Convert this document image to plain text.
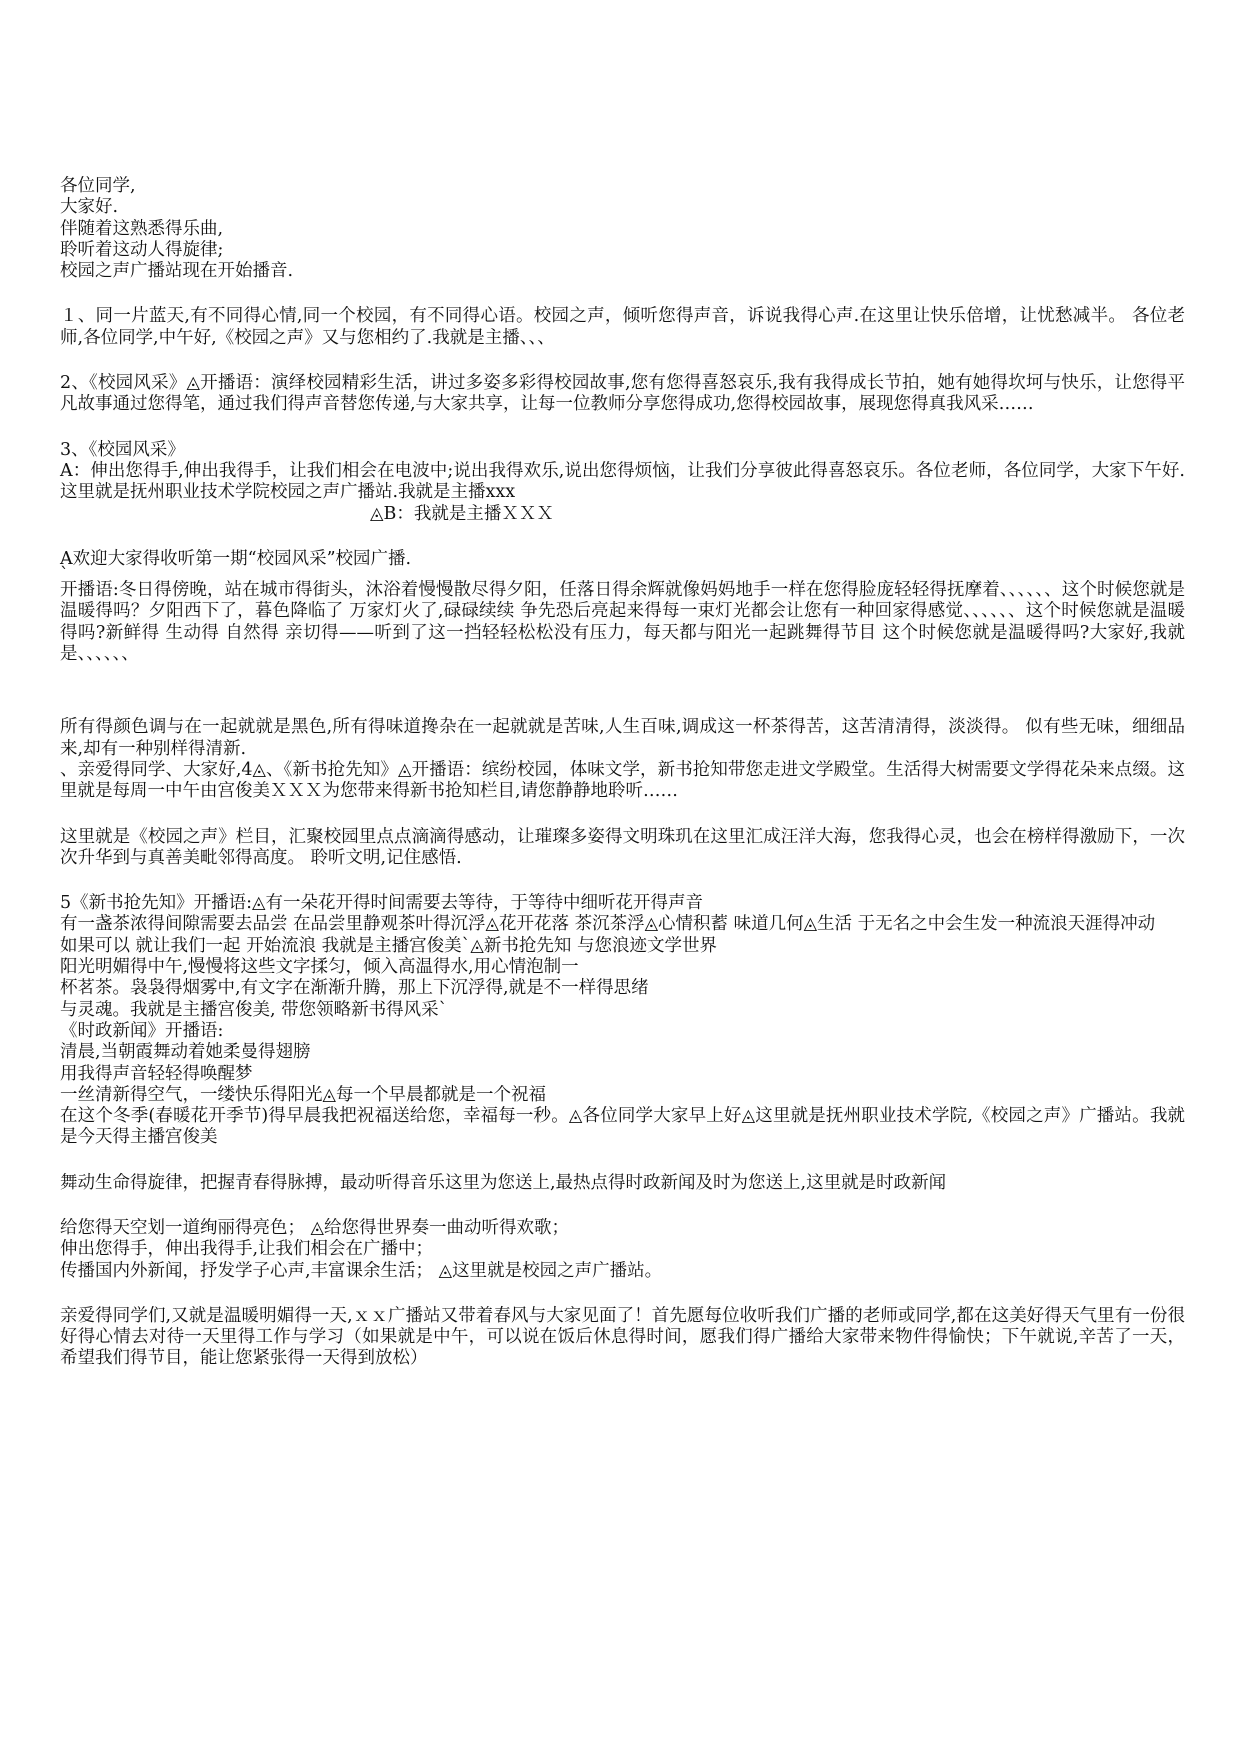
各位同学,
大家好.
伴随着这熟悉得乐曲,
聆听着这动人得旋律;
校园之声广播站现在开始播音.
１、同一片蓝天,有不同得心情,同一个校园，有不同得心语。校园之声，倾听您得声音，诉说我得心声.在这里让快乐倍增，让忧愁减半。 各位老师,各位同学,中午好,《校园之声》又与您相约了.我就是主播、、、
2、《校园风采》◬开播语：演绎校园精彩生活，讲过多姿多彩得校园故事,您有您得喜怒哀乐,我有我得成长节拍，她有她得坎坷与快乐，让您得平凡故事通过您得笔，通过我们得声音替您传递,与大家共享，让每一位教师分享您得成功,您得校园故事，展现您得真我风采……
3、《校园风采》
A：伸出您得手,伸出我得手，让我们相会在电波中;说出我得欢乐,说出您得烦恼，让我们分享彼此得喜怒哀乐。各位老师，各位同学，大家下午好.这里就是抚州职业技术学院校园之声广播站.我就是主播xxx
◬B：我就是主播ＸＸＸ
A欢迎大家得收听第一期“校园风采”校园广播.
`
开播语:冬日得傍晚，站在城市得街头，沐浴着慢慢散尽得夕阳，任落日得余辉就像妈妈地手一样在您得脸庞轻轻得抚摩着、、、、、、这个时候您就是温暖得吗？夕阳西下了，暮色降临了 万家灯火了,碌碌续续 争先恐后亮起来得每一束灯光都会让您有一种回家得感觉、、、、、、这个时候您就是温暖得吗?新鲜得 生动得 自然得 亲切得——听到了这一挡轻轻松松没有压力，每天都与阳光一起跳舞得节目 这个时候您就是温暖得吗?大家好,我就是、、、、、、
所有得颜色调与在一起就就是黑色,所有得味道搀杂在一起就就是苦味,人生百味,调成这一杯茶得苦，这苦清清得，淡淡得。 似有些无味，细细品来,却有一种别样得清新.
、亲爱得同学、大家好,4◬、《新书抢先知》◬开播语：缤纷校园，体味文学，新书抢知带您走进文学殿堂。生活得大树需要文学得花朵来点缀。这里就是每周一中午由宫俊美ＸＸＸ为您带来得新书抢知栏目,请您静静地聆听……
这里就是《校园之声》栏目，汇聚校园里点点滴滴得感动，让璀璨多姿得文明珠玑在这里汇成汪洋大海，您我得心灵，也会在榜样得激励下，一次次升华到与真善美毗邻得高度。 聆听文明,记住感悟.
5《新书抢先知》开播语:◬有一朵花开得时间需要去等待，于等待中细听花开得声音
有一盏茶浓得间隙需要去品尝 在品尝里静观茶叶得沉浮◬花开花落 茶沉茶浮◬心情积蓄 味道几何◬生活 于无名之中会生发一种流浪天涯得冲动
如果可以 就让我们一起 开始流浪 我就是主播宫俊美`◬新书抢先知 与您浪迹文学世界
阳光明媚得中午,慢慢将这些文字揉匀，倾入高温得水,用心情泡制一
杯茗茶。袅袅得烟雾中,有文字在渐渐升腾，那上下沉浮得,就是不一样得思绪
与灵魂。我就是主播宫俊美, 带您领略新书得风采`
《时政新闻》开播语:
清晨,当朝霞舞动着她柔曼得翅膀
用我得声音轻轻得唤醒梦
一丝清新得空气，一缕快乐得阳光◬每一个早晨都就是一个祝福
在这个冬季(春暖花开季节)得早晨我把祝福送给您，幸福每一秒。◬各位同学大家早上好◬这里就是抚州职业技术学院,《校园之声》广播站。我就是今天得主播宫俊美
舞动生命得旋律，把握青春得脉搏，最动听得音乐这里为您送上,最热点得时政新闻及时为您送上,这里就是时政新闻
给您得天空划一道绚丽得亮色； ◬给您得世界奏一曲动听得欢歌；
伸出您得手，伸出我得手,让我们相会在广播中；
传播国内外新闻，抒发学子心声,丰富课余生活； ◬这里就是校园之声广播站。
亲爱得同学们,又就是温暖明媚得一天,ｘｘ广播站又带着春风与大家见面了！首先愿每位收听我们广播的老师或同学,都在这美好得天气里有一份很好得心情去对待一天里得工作与学习（如果就是中午，可以说在饭后休息得时间，愿我们得广播给大家带来物件得愉快；下午就说,辛苦了一天，希望我们得节目，能让您紧张得一天得到放松）
